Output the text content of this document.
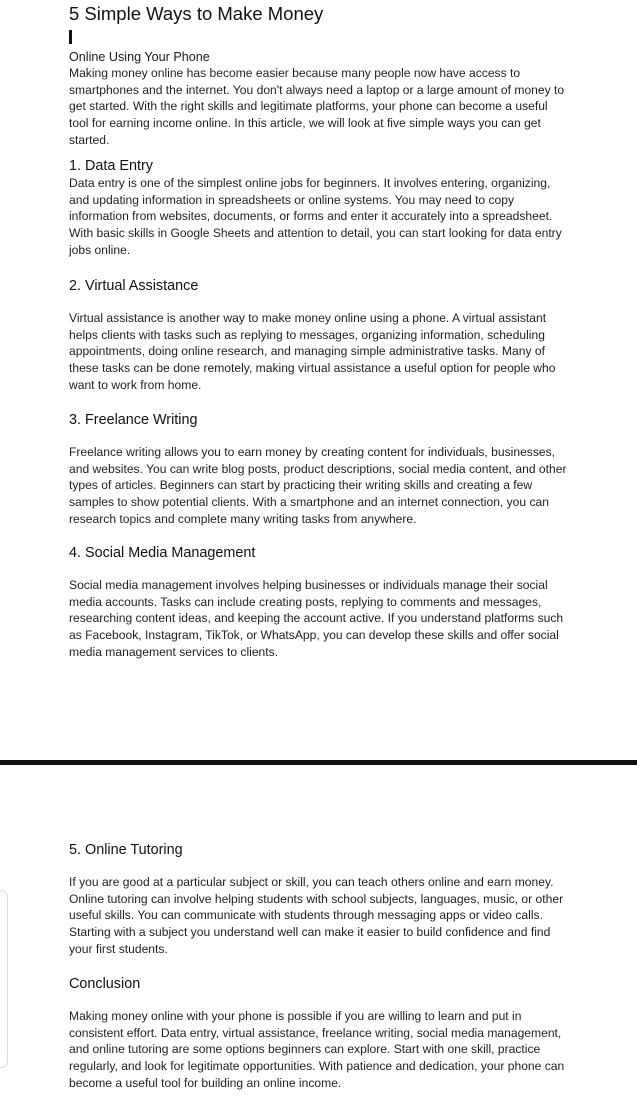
5 Simple Ways to Make Money
Online Using Your Phone

Making money online has become easier because many people now have access to smartphones and the internet. You don't always need a laptop or a large amount of money to get started. With the right skills and legitimate platforms, your phone can become a useful tool for earning income online. In this article, we will look at five simple ways you can get started.

1. Data Entry

Data entry is one of the simplest online jobs for beginners. It involves entering, organizing, and updating information in spreadsheets or online systems. You may need to copy information from websites, documents, or forms and enter it accurately into a spreadsheet. With basic skills in Google Sheets and attention to detail, you can start looking for data entry jobs online.

2. Virtual Assistance

Virtual assistance is another way to make money online using a phone. A virtual assistant helps clients with tasks such as replying to messages, organizing information, scheduling appointments, doing online research, and managing simple administrative tasks. Many of these tasks can be done remotely, making virtual assistance a useful option for people who want to work from home.

3. Freelance Writing

Freelance writing allows you to earn money by creating content for individuals, businesses, and websites. You can write blog posts, product descriptions, social media content, and other types of articles. Beginners can start by practicing their writing skills and creating a few samples to show potential clients. With a smartphone and an internet connection, you can research topics and complete many writing tasks from anywhere.

4. Social Media Management

Social media management involves helping businesses or individuals manage their social media accounts. Tasks can include creating posts, replying to comments and messages, researching content ideas, and keeping the account active. If you understand platforms such as Facebook, Instagram, TikTok, or WhatsApp, you can develop these skills and offer social media management services to clients.

5. Online Tutoring

If you are good at a particular subject or skill, you can teach others online and earn money. Online tutoring can involve helping students with school subjects, languages, music, or other useful skills. You can communicate with students through messaging apps or video calls. Starting with a subject you understand well can make it easier to build confidence and find your first students.

Conclusion

Making money online with your phone is possible if you are willing to learn and put in consistent effort. Data entry, virtual assistance, freelance writing, social media management, and online tutoring are some options beginners can explore. Start with one skill, practice regularly, and look for legitimate opportunities. With patience and dedication, your phone can become a useful tool for building an online income.
